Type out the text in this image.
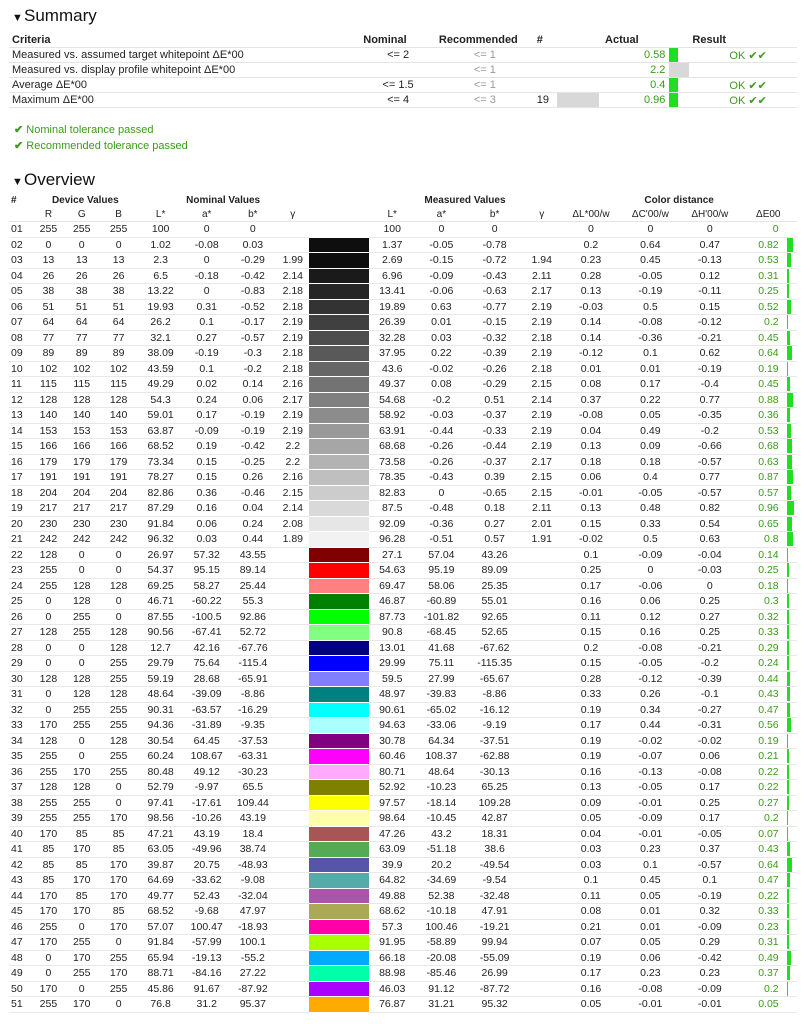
▼Summary
Criteria	Nominal	Recommended	#	Actual		Result
Measured vs. assumed target whitepoint ΔE*00	<= 2	<= 1		0.58		OK ✔✔
Measured vs. display profile whitepoint ΔE*00		<= 1		2.2		
Average ΔE*00	<= 1.5	<= 1		0.4		OK ✔✔
Maximum ΔE*00	<= 4	<= 3	19	0.96		OK ✔✔
✔ Nominal tolerance passed
✔ Recommended tolerance passed
▼Overview
#	Device Values			Nominal Values					Measured Values				Color distance				
	R	G	B	L*	a*	b*	γ		L*	a*	b*	γ	ΔL*00/w	ΔC'00/w	ΔH'00/w	ΔE00	
01	255	255	255	100	0	0			100	0	0		0	0	0	0	

02	0	0	0	1.02	-0.08	0.03			1.37	-0.05	-0.78		0.2	0.64	0.47	0.82	

03	13	13	13	2.3	0	-0.29	1.99		2.69	-0.15	-0.72	1.94	0.23	0.45	-0.13	0.53	

04	26	26	26	6.5	-0.18	-0.42	2.14		6.96	-0.09	-0.43	2.11	0.28	-0.05	0.12	0.31	

05	38	38	38	13.22	0	-0.83	2.18		13.41	-0.06	-0.63	2.17	0.13	-0.19	-0.11	0.25	

06	51	51	51	19.93	0.31	-0.52	2.18		19.89	0.63	-0.77	2.19	-0.03	0.5	0.15	0.52	

07	64	64	64	26.2	0.1	-0.17	2.19		26.39	0.01	-0.15	2.19	0.14	-0.08	-0.12	0.2	

08	77	77	77	32.1	0.27	-0.57	2.19		32.28	0.03	-0.32	2.18	0.14	-0.36	-0.21	0.45	

09	89	89	89	38.09	-0.19	-0.3	2.18		37.95	0.22	-0.39	2.19	-0.12	0.1	0.62	0.64	

10	102	102	102	43.59	0.1	-0.2	2.18		43.6	-0.02	-0.26	2.18	0.01	0.01	-0.19	0.19	

11	115	115	115	49.29	0.02	0.14	2.16		49.37	0.08	-0.29	2.15	0.08	0.17	-0.4	0.45	

12	128	128	128	54.3	0.24	0.06	2.17		54.68	-0.2	0.51	2.14	0.37	0.22	0.77	0.88	

13	140	140	140	59.01	0.17	-0.19	2.19		58.92	-0.03	-0.37	2.19	-0.08	0.05	-0.35	0.36	

14	153	153	153	63.87	-0.09	-0.19	2.19		63.91	-0.44	-0.33	2.19	0.04	0.49	-0.2	0.53	

15	166	166	166	68.52	0.19	-0.42	2.2		68.68	-0.26	-0.44	2.19	0.13	0.09	-0.66	0.68	

16	179	179	179	73.34	0.15	-0.25	2.2		73.58	-0.26	-0.37	2.17	0.18	0.18	-0.57	0.63	

17	191	191	191	78.27	0.15	0.26	2.16		78.35	-0.43	0.39	2.15	0.06	0.4	0.77	0.87	

18	204	204	204	82.86	0.36	-0.46	2.15		82.83	0	-0.65	2.15	-0.01	-0.05	-0.57	0.57	

19	217	217	217	87.29	0.16	0.04	2.14		87.5	-0.48	0.18	2.11	0.13	0.48	0.82	0.96	

20	230	230	230	91.84	0.06	0.24	2.08		92.09	-0.36	0.27	2.01	0.15	0.33	0.54	0.65	

21	242	242	242	96.32	0.03	0.44	1.89		96.28	-0.51	0.57	1.91	-0.02	0.5	0.63	0.8	

22	128	0	0	26.97	57.32	43.55			27.1	57.04	43.26		0.1	-0.09	-0.04	0.14	

23	255	0	0	54.37	95.15	89.14			54.63	95.19	89.09		0.25	0	-0.03	0.25	

24	255	128	128	69.25	58.27	25.44			69.47	58.06	25.35		0.17	-0.06	0	0.18	

25	0	128	0	46.71	-60.22	55.3			46.87	-60.89	55.01		0.16	0.06	0.25	0.3	

26	0	255	0	87.55	-100.5	92.86			87.73	-101.82	92.65		0.11	0.12	0.27	0.32	

27	128	255	128	90.56	-67.41	52.72			90.8	-68.45	52.65		0.15	0.16	0.25	0.33	

28	0	0	128	12.7	42.16	-67.76			13.01	41.68	-67.62		0.2	-0.08	-0.21	0.29	

29	0	0	255	29.79	75.64	-115.4			29.99	75.11	-115.35		0.15	-0.05	-0.2	0.24	

30	128	128	255	59.19	28.68	-65.91			59.5	27.99	-65.67		0.28	-0.12	-0.39	0.44	

31	0	128	128	48.64	-39.09	-8.86			48.97	-39.83	-8.86		0.33	0.26	-0.1	0.43	

32	0	255	255	90.31	-63.57	-16.29			90.61	-65.02	-16.12		0.19	0.34	-0.27	0.47	

33	170	255	255	94.36	-31.89	-9.35			94.63	-33.06	-9.19		0.17	0.44	-0.31	0.56	

34	128	0	128	30.54	64.45	-37.53			30.78	64.34	-37.51		0.19	-0.02	-0.02	0.19	

35	255	0	255	60.24	108.67	-63.31			60.46	108.37	-62.88		0.19	-0.07	0.06	0.21	

36	255	170	255	80.48	49.12	-30.23			80.71	48.64	-30.13		0.16	-0.13	-0.08	0.22	

37	128	128	0	52.79	-9.97	65.5			52.92	-10.23	65.25		0.13	-0.05	0.17	0.22	

38	255	255	0	97.41	-17.61	109.44			97.57	-18.14	109.28		0.09	-0.01	0.25	0.27	

39	255	255	170	98.56	-10.26	43.19			98.64	-10.45	42.87		0.05	-0.09	0.17	0.2	

40	170	85	85	47.21	43.19	18.4			47.26	43.2	18.31		0.04	-0.01	-0.05	0.07	

41	85	170	85	63.05	-49.96	38.74			63.09	-51.18	38.6		0.03	0.23	0.37	0.43	

42	85	85	170	39.87	20.75	-48.93			39.9	20.2	-49.54		0.03	0.1	-0.57	0.64	

43	85	170	170	64.69	-33.62	-9.08			64.82	-34.69	-9.54		0.1	0.45	0.1	0.47	

44	170	85	170	49.77	52.43	-32.04			49.88	52.38	-32.48		0.11	0.05	-0.19	0.22	

45	170	170	85	68.52	-9.68	47.97			68.62	-10.18	47.91		0.08	0.01	0.32	0.33	

46	255	0	170	57.07	100.47	-18.93			57.3	100.46	-19.21		0.21	0.01	-0.09	0.23	

47	170	255	0	91.84	-57.99	100.1			91.95	-58.89	99.94		0.07	0.05	0.29	0.31	

48	0	170	255	65.94	-19.13	-55.2			66.18	-20.08	-55.09		0.19	0.06	-0.42	0.49	

49	0	255	170	88.71	-84.16	27.22			88.98	-85.46	26.99		0.17	0.23	0.23	0.37	

50	170	0	255	45.86	91.67	-87.92			46.03	91.12	-87.72		0.16	-0.08	-0.09	0.2	

51	255	170	0	76.8	31.2	95.37			76.87	31.21	95.32		0.05	-0.01	-0.01	0.05	
